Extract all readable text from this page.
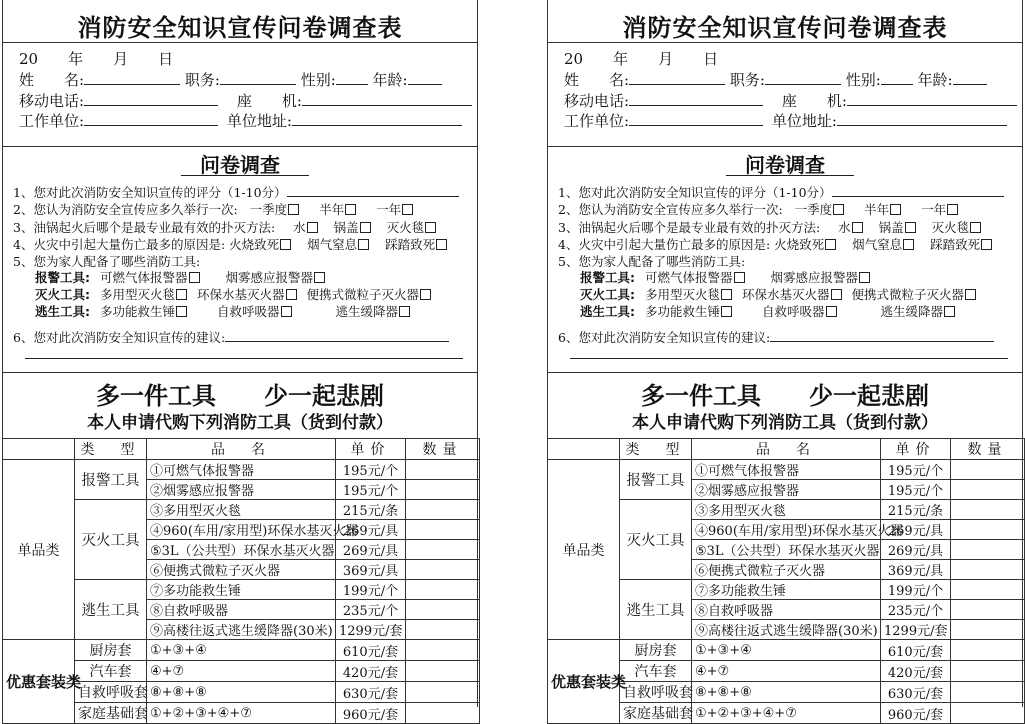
消防安全知识宣传问卷调查表
20　　年　　月　　日
姓　　名:	职务:	性别: 年龄:
移动电话:	座　　机:
工作单位:	单位地址:
问卷调查
1、您对此次消防安全知识宣传的评分（1-10分）
2、您认为消防安全宣传应多久举行一次: 一季度	半年	一年
3、油锅起火后哪个是最专业最有效的扑灭方法: 水 锅盖 灭火毯
4、火灾中引起大量伤亡最多的原因是: 火烧致死 烟气窒息 踩踏致死
5、您为家人配备了哪些消防工具:
报警工具: 可燃气体报警器	烟雾感应报警器
灭火工具: 多用型灭火毯 环保水基灭火器 便携式微粒子灭火器
逃生工具: 多功能救生锤	自救呼吸器	逃生缓降器
6、您对此次消防安全知识宣传的建议:
多一件工具　　少一起悲剧
本人申请代购下列消防工具（货到付款）
	类　型	品　名	单价	数量
单品类	报警工具	①可燃气体报警器	195元/个	
		②烟雾感应报警器	195元/个	
	灭火工具	③多用型灭火毯	215元/条	
		④960(车用/家用型)环保水基灭火器	269元/具	
		⑤3L（公共型）环保水基灭火器	269元/具	
		⑥便携式微粒子灭火器	369元/具	
	逃生工具	⑦多功能救生锤	199元/个	
		⑧自救呼吸器	235元/个	
		⑨高楼往返式逃生缓降器(30米)	1299元/套	
优惠套装类	厨房套	①+③+④	610元/套	
	汽车套	④+⑦	420元/套	
	自救呼吸套	⑧+⑧+⑧	630元/套	
	家庭基础套	①+②+③+④+⑦	960元/套	
消防安全知识宣传问卷调查表
20　　年　　月　　日
姓　　名:	职务:	性别: 年龄:
移动电话:	座　　机:
工作单位:	单位地址:
问卷调查
1、您对此次消防安全知识宣传的评分（1-10分）
2、您认为消防安全宣传应多久举行一次: 一季度	半年	一年
3、油锅起火后哪个是最专业最有效的扑灭方法: 水 锅盖 灭火毯
4、火灾中引起大量伤亡最多的原因是: 火烧致死 烟气窒息 踩踏致死
5、您为家人配备了哪些消防工具:
报警工具: 可燃气体报警器	烟雾感应报警器
灭火工具: 多用型灭火毯 环保水基灭火器 便携式微粒子灭火器
逃生工具: 多功能救生锤	自救呼吸器	逃生缓降器
6、您对此次消防安全知识宣传的建议:
多一件工具　　少一起悲剧
本人申请代购下列消防工具（货到付款）
	类　型	品　名	单价	数量
单品类	报警工具	①可燃气体报警器	195元/个	
		②烟雾感应报警器	195元/个	
	灭火工具	③多用型灭火毯	215元/条	
		④960(车用/家用型)环保水基灭火器	269元/具	
		⑤3L（公共型）环保水基灭火器	269元/具	
		⑥便携式微粒子灭火器	369元/具	
	逃生工具	⑦多功能救生锤	199元/个	
		⑧自救呼吸器	235元/个	
		⑨高楼往返式逃生缓降器(30米)	1299元/套	
优惠套装类	厨房套	①+③+④	610元/套	
	汽车套	④+⑦	420元/套	
	自救呼吸套	⑧+⑧+⑧	630元/套	
	家庭基础套	①+②+③+④+⑦	960元/套	
